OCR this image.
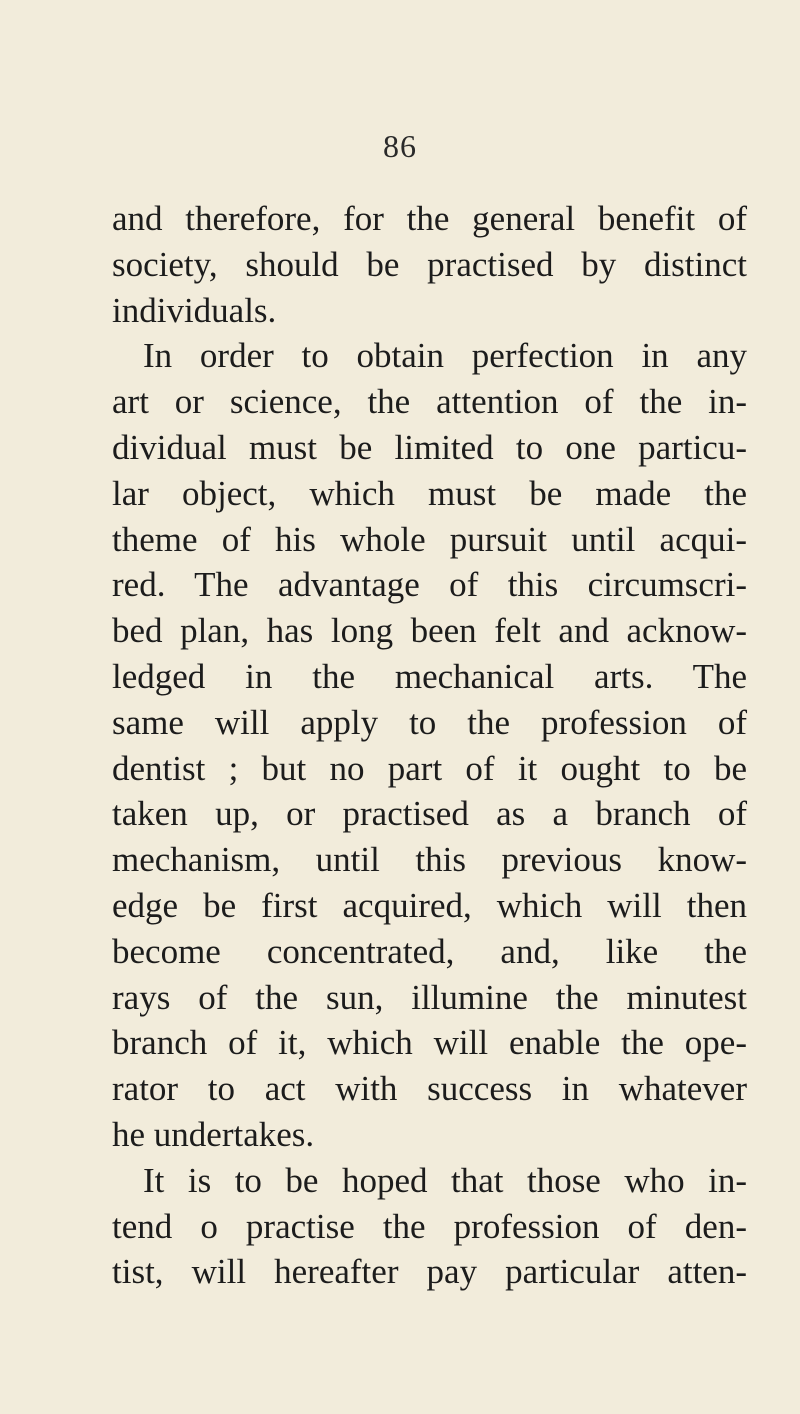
86
and therefore, for the general benefit of
society, should be practised by distinct
individuals.
In order to obtain perfection in any
art or science, the attention of the in-
dividual must be limited to one particu-
lar object, which must be made the
theme of his whole pursuit until acqui-
red. The advantage of this circumscri-
bed plan, has long been felt and acknow-
ledged in the mechanical arts. The
same will apply to the profession of
dentist ; but no part of it ought to be
taken up, or practised as a branch of
mechanism, until this previous know-
edge be first acquired, which will then
become concentrated, and, like the
rays of the sun, illumine the minutest
branch of it, which will enable the ope-
rator to act with success in whatever
he undertakes.
It is to be hoped that those who in-
tend o practise the profession of den-
tist, will hereafter pay particular atten-
